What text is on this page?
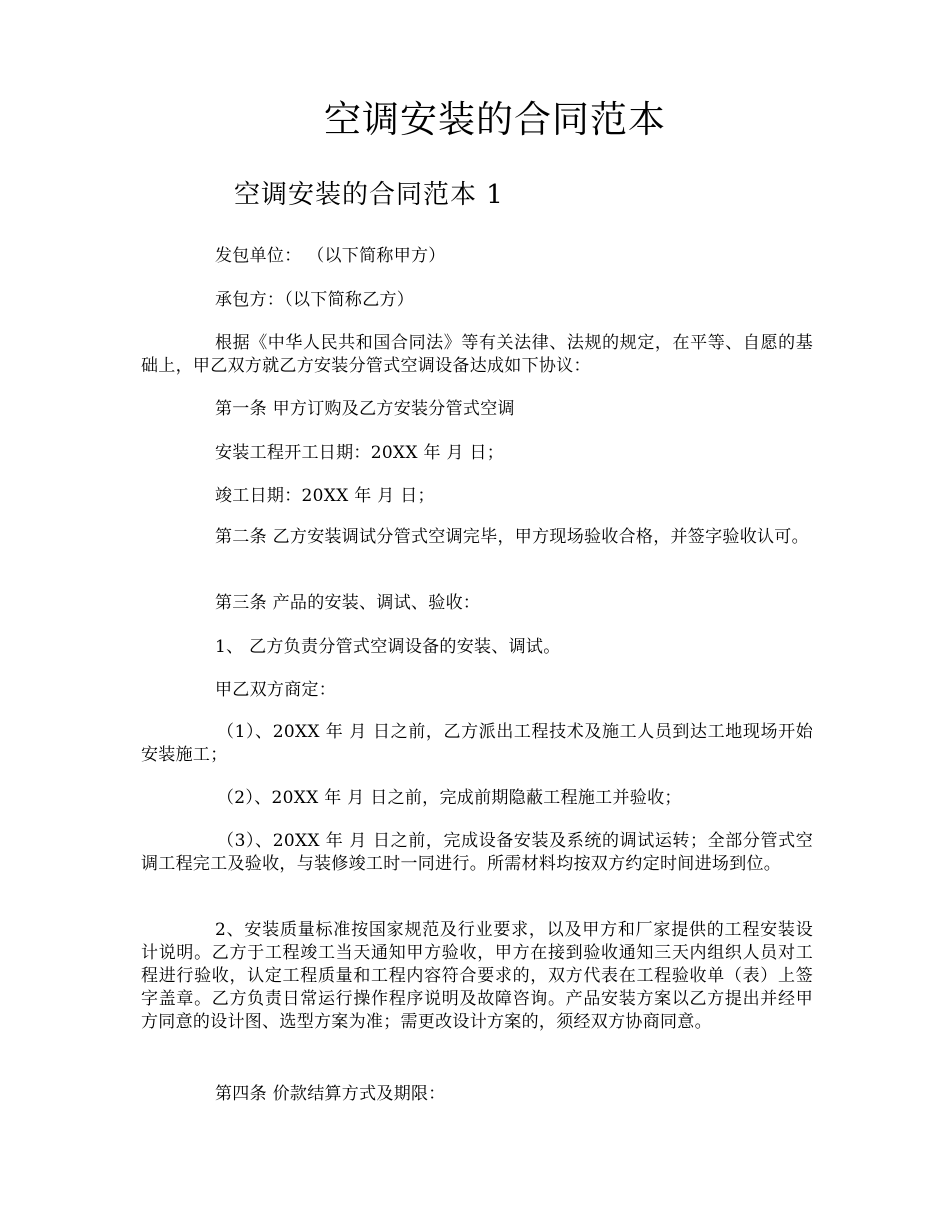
空调安装的合同范本
空调安装的合同范本 1
发包单位： （以下简称甲方）
承包方：（以下简称乙方）
根据《中华人民共和国合同法》等有关法律、法规的规定，在平等、自愿的基础上，甲乙双方就乙方安装分管式空调设备达成如下协议：
第一条 甲方订购及乙方安装分管式空调
安装工程开工日期：20XX 年 月 日；
竣工日期：20XX 年 月 日；
第二条 乙方安装调试分管式空调完毕，甲方现场验收合格，并签字验收认可。
第三条 产品的安装、调试、验收：
1、 乙方负责分管式空调设备的安装、调试。
甲乙双方商定：
（1）、20XX 年 月 日之前，乙方派出工程技术及施工人员到达工地现场开始安装施工；
（2）、20XX 年 月 日之前，完成前期隐蔽工程施工并验收；
（3）、20XX 年 月 日之前，完成设备安装及系统的调试运转；全部分管式空调工程完工及验收，与装修竣工时一同进行。所需材料均按双方约定时间进场到位。
2、安装质量标准按国家规范及行业要求，以及甲方和厂家提供的工程安装设计说明。乙方于工程竣工当天通知甲方验收，甲方在接到验收通知三天内组织人员对工程进行验收，认定工程质量和工程内容符合要求的，双方代表在工程验收单（表）上签字盖章。乙方负责日常运行操作程序说明及故障咨询。产品安装方案以乙方提出并经甲方同意的设计图、选型方案为准；需更改设计方案的，须经双方协商同意。
第四条 价款结算方式及期限：
